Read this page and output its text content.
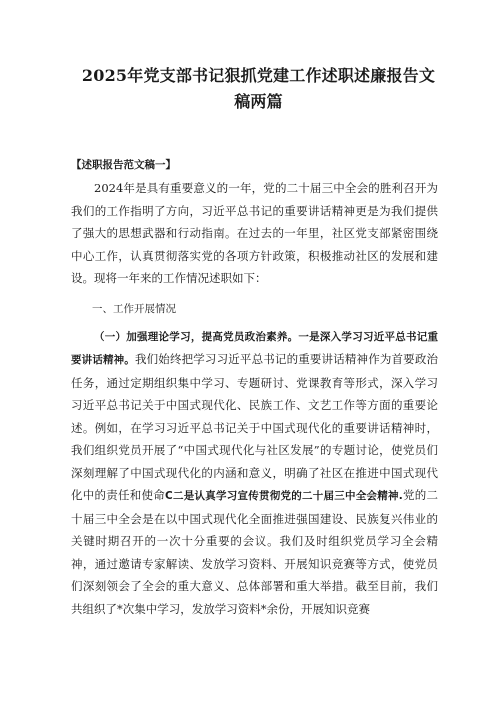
2025年党支部书记狠抓党建工作述职述廉报告文稿两篇

【述职报告范文稿一】

2024年是具有重要意义的一年，党的二十届三中全会的胜利召开为我们的工作指明了方向，习近平总书记的重要讲话精神更是为我们提供了强大的思想武器和行动指南。在过去的一年里，社区党支部紧密围绕中心工作，认真贯彻落实党的各项方针政策，积极推动社区的发展和建设。现将一年来的工作情况述职如下：

一、工作开展情况

（一）加强理论学习，提高党员政治素养。一是深入学习习近平总书记重要讲话精神。我们始终把学习习近平总书记的重要讲话精神作为首要政治任务，通过定期组织集中学习、专题研讨、党课教育等形式，深入学习习近平总书记关于中国式现代化、民族工作、文艺工作等方面的重要论述。例如，在学习习近平总书记关于中国式现代化的重要讲话精神时，我们组织党员开展了“中国式现代化与社区发展”的专题讨论，使党员们深刻理解了中国式现代化的内涵和意义，明确了社区在推进中国式现代化中的责任和使命C二是认真学习宣传贯彻党的二十届三中全会精神.党的二十届三中全会是在以中国式现代化全面推进强国建设、民族复兴伟业的关键时期召开的一次十分重要的会议。我们及时组织党员学习全会精神，通过邀请专家解读、发放学习资料、开展知识竞赛等方式，使党员们深刻领会了全会的重大意义、总体部署和重大举措。截至目前，我们共组织了*次集中学习，发放学习资料*余份，开展知识竞赛
